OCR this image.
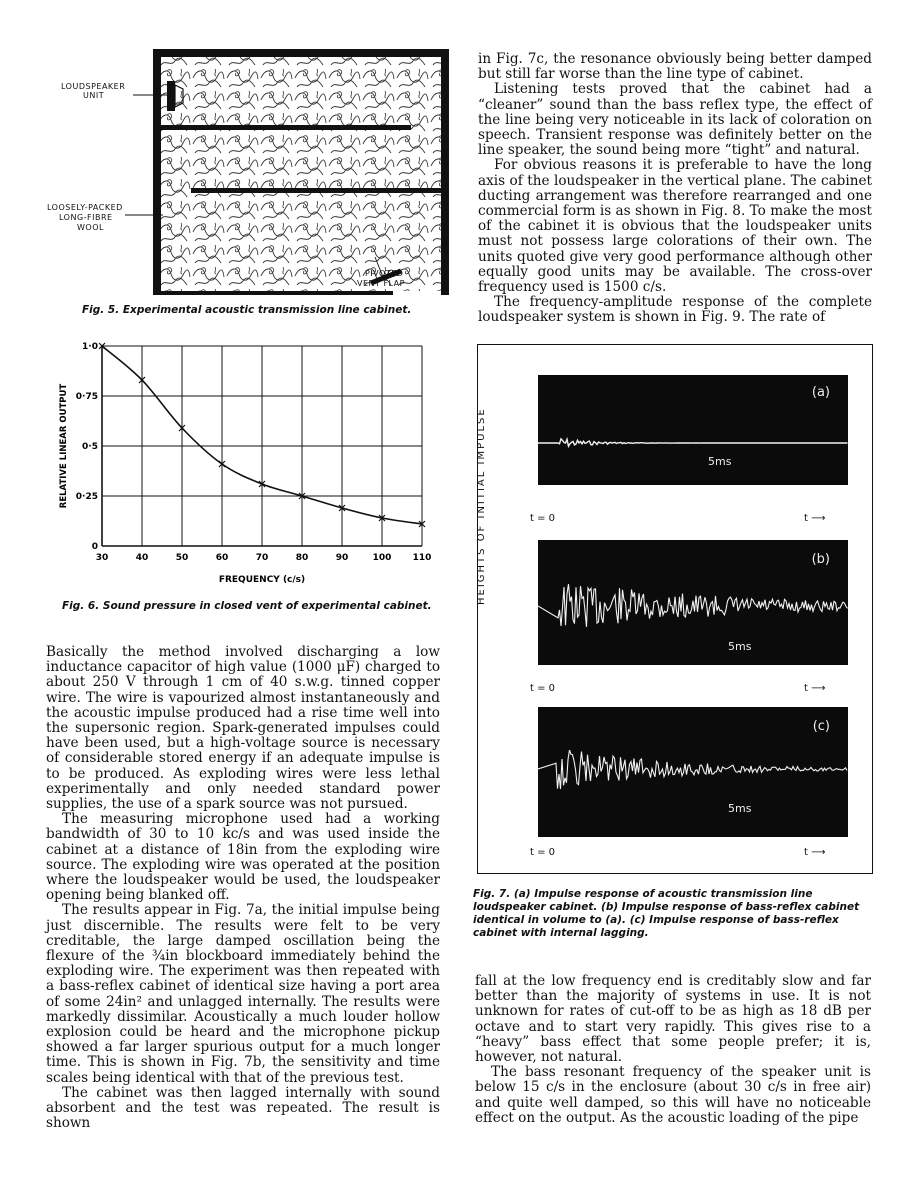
LOUDSPEAKER
UNIT
LOOSELY-PACKED
LONG-FIBRE
WOOL
PIVOTED
VENT FLAP
Fig. 5. Experimental acoustic transmission line cabinet.
30	40	50	60	70	80	90	100 110
0
0·25
0·5
0·75
1·0
FREQUENCY (c/s)
RELATIVE LINEAR OUTPUT
Fig. 6. Sound pressure in closed vent of experimental cabinet.

Basically the method involved discharging a low inductance capacitor of high value (1000 μF) charged to about 250 V through 1 cm of 40 s.w.g. tinned copper wire. The wire is vapourized almost instantaneously and the acoustic impulse produced had a rise time well into the supersonic region. Spark-generated impulses could have been used, but a high-voltage source is necessary of considerable stored energy if an adequate impulse is to be produced. As exploding wires were less lethal experimentally and only needed standard power supplies, the use of a spark source was not pursued.

The measuring microphone used had a working bandwidth of 30 to 10 kc/s and was used inside the cabinet at a distance of 18in from the exploding wire source. The exploding wire was operated at the position where the loudspeaker would be used, the loudspeaker opening being blanked off.

The results appear in Fig. 7a, the initial impulse being just discernible. The results were felt to be very creditable, the large damped oscillation being the flexure of the ¾in blockboard immediately behind the exploding wire. The experiment was then repeated with a bass-reflex cabinet of identical size having a port area of some 24in² and unlagged internally. The results were markedly dissimilar. Acoustically a much louder hollow explosion could be heard and the microphone pickup showed a far larger spurious output for a much longer time. This is shown in Fig. 7b, the sensitivity and time scales being identical with that of the previous test.

The cabinet was then lagged internally with sound absorbent and the test was repeated. The result is shown

in Fig. 7c, the resonance obviously being better damped but still far worse than the line type of cabinet.

Listening tests proved that the cabinet had a “cleaner” sound than the bass reflex type, the effect of the line being very noticeable in its lack of coloration on speech. Transient response was definitely better on the line speaker, the sound being more “tight” and natural.

For obvious reasons it is preferable to have the long axis of the loudspeaker in the vertical plane. The cabinet ducting arrangement was therefore rearranged and one commercial form is as shown in Fig. 8. To make the most of the cabinet it is obvious that the loudspeaker units must not possess large colorations of their own. The units quoted give very good performance although other equally good units may be available. The cross-over frequency used is 1500 c/s.

The frequency-amplitude response of the complete loudspeaker system is shown in Fig. 9. The rate of

HEIGHTS OF INITIAL IMPULSE
(a)
5ms
t = 0	t ⟶
(b)
5ms
t = 0	t ⟶
(c)
5ms
t = 0	t ⟶
Fig. 7. (a) Impulse response of acoustic transmission line loudspeaker cabinet. (b) Impulse response of bass-reflex cabinet identical in volume to (a). (c) Impulse response of bass-reflex cabinet with internal lagging.

fall at the low frequency end is creditably slow and far better than the majority of systems in use. It is not unknown for rates of cut-off to be as high as 18 dB per octave and to start very rapidly. This gives rise to a “heavy” bass effect that some people prefer; it is, however, not natural.

The bass resonant frequency of the speaker unit is below 15 c/s in the enclosure (about 30 c/s in free air) and quite well damped, so this will have no noticeable effect on the output. As the acoustic loading of the pipe
